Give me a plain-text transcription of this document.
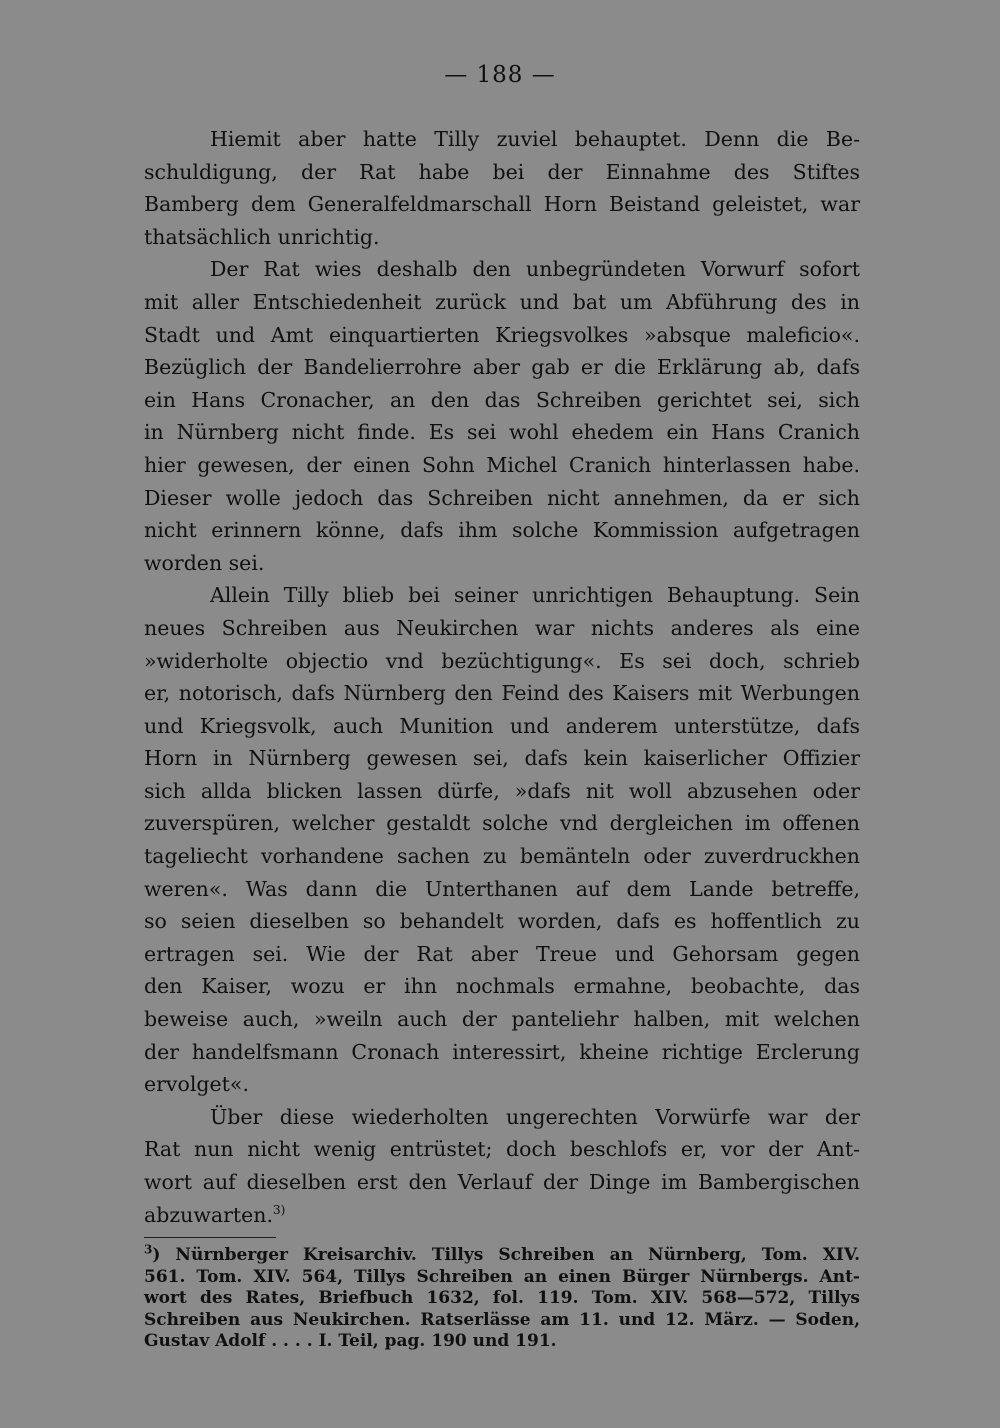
— 188 —
Hiemit aber hatte Tilly zuviel behauptet. Denn die Be-
schuldigung, der Rat habe bei der Einnahme des Stiftes
Bamberg dem Generalfeldmarschall Horn Beistand geleistet, war
thatsächlich unrichtig.
Der Rat wies deshalb den unbegründeten Vorwurf sofort
mit aller Entschiedenheit zurück und bat um Abführung des in
Stadt und Amt einquartierten Kriegsvolkes »absque maleficio«.
Bezüglich der Bandelierrohre aber gab er die Erklärung ab, dafs
ein Hans Cronacher, an den das Schreiben gerichtet sei, sich
in Nürnberg nicht finde. Es sei wohl ehedem ein Hans Cranich
hier gewesen, der einen Sohn Michel Cranich hinterlassen habe.
Dieser wolle jedoch das Schreiben nicht annehmen, da er sich
nicht erinnern könne, dafs ihm solche Kommission aufgetragen
worden sei.
Allein Tilly blieb bei seiner unrichtigen Behauptung. Sein
neues Schreiben aus Neukirchen war nichts anderes als eine
»widerholte objectio vnd bezüchtigung«. Es sei doch, schrieb
er, notorisch, dafs Nürnberg den Feind des Kaisers mit Werbungen
und Kriegsvolk, auch Munition und anderem unterstütze, dafs
Horn in Nürnberg gewesen sei, dafs kein kaiserlicher Offizier
sich allda blicken lassen dürfe, »dafs nit woll abzusehen oder
zuverspüren, welcher gestaldt solche vnd dergleichen im offenen
tageliecht vorhandene sachen zu bemänteln oder zuverdruckhen
weren«. Was dann die Unterthanen auf dem Lande betreffe,
so seien dieselben so behandelt worden, dafs es hoffentlich zu
ertragen sei. Wie der Rat aber Treue und Gehorsam gegen
den Kaiser, wozu er ihn nochmals ermahne, beobachte, das
beweise auch, »weiln auch der panteliehr halben, mit welchen
der handelfsmann Cronach interessirt, kheine richtige Erclerung
ervolget«.
Über diese wiederholten ungerechten Vorwürfe war der
Rat nun nicht wenig entrüstet; doch beschlofs er, vor der Ant-
wort auf dieselben erst den Verlauf der Dinge im Bambergischen
abzuwarten.$^{3)}$
$^3$) Nürnberger Kreisarchiv. Tillys Schreiben an Nürnberg, Tom. XIV.
561. Tom. XIV. 564, Tillys Schreiben an einen Bürger Nürnbergs. Ant-
wort des Rates, Briefbuch 1632, fol. 119. Tom. XIV. 568—572, Tillys
Schreiben aus Neukirchen. Ratserlässe am 11. und 12. März. — Soden,
Gustav Adolf . . . . I. Teil, pag. 190 und 191.
